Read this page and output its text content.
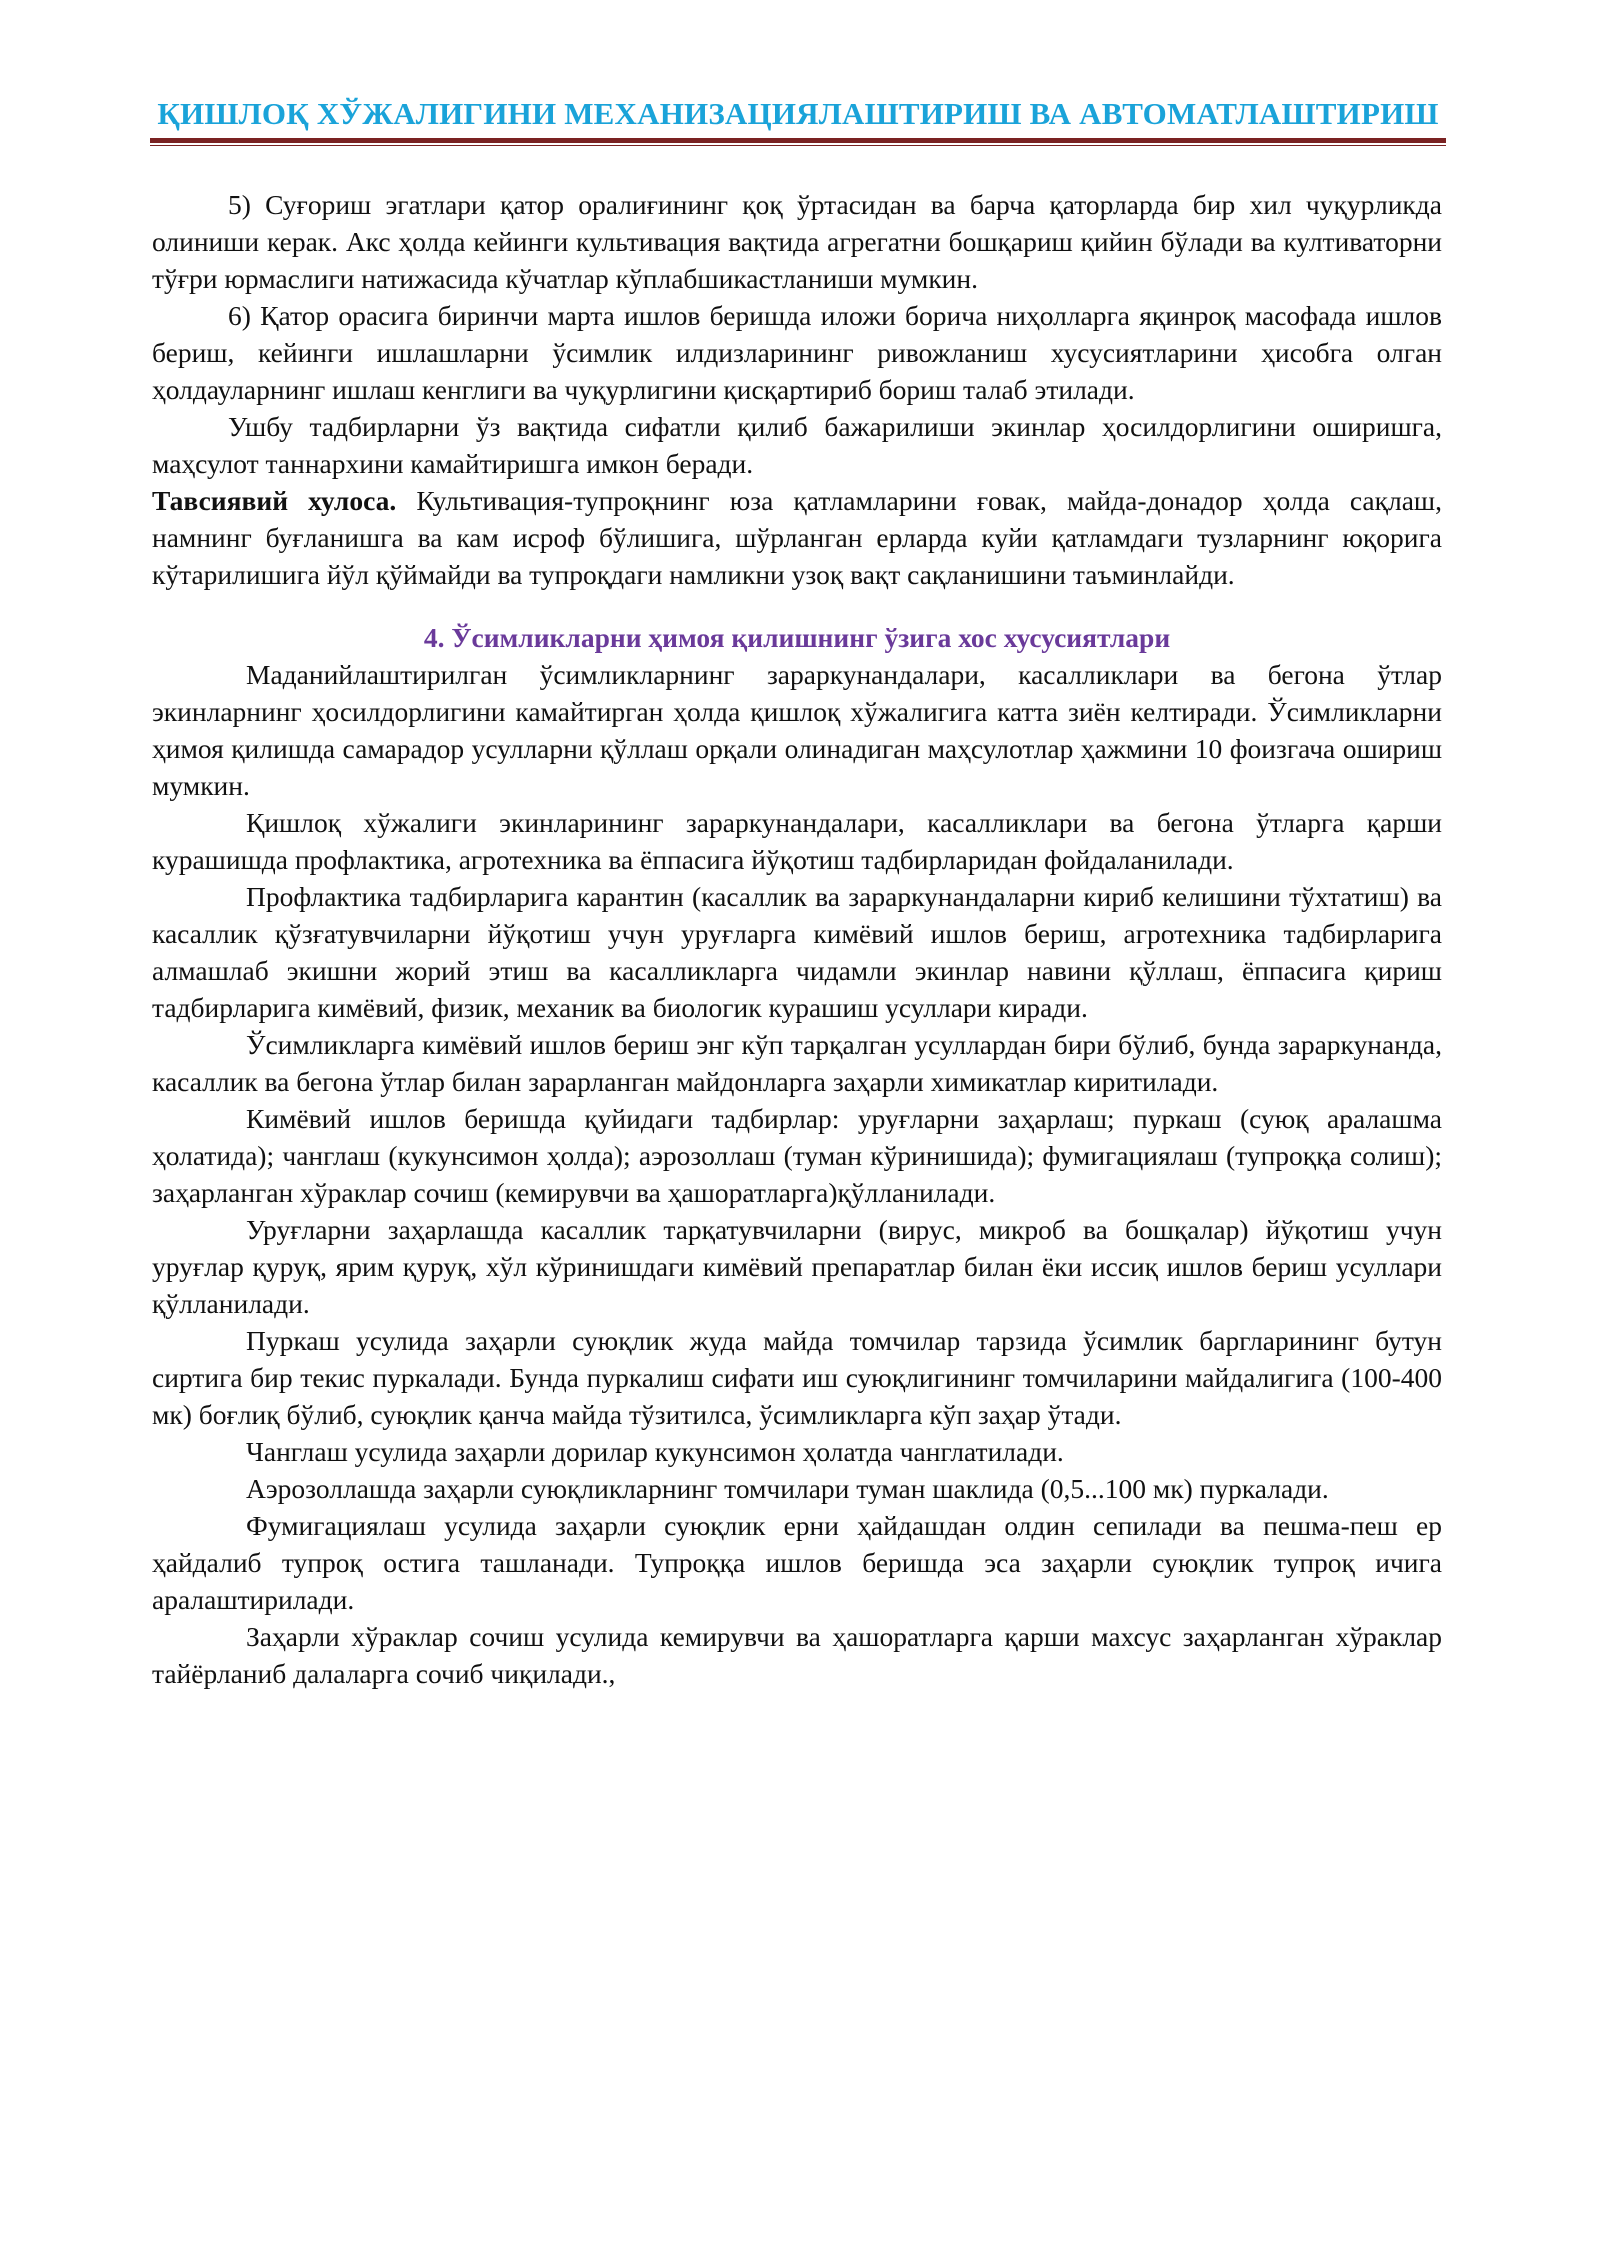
ҚИШЛОҚ ХЎЖАЛИГИНИ МЕХАНИЗАЦИЯЛАШТИРИШ ВА АВТОМАТЛАШТИРИШ

5) Суғориш эгатлари қатор оралиғининг қоқ ўртасидан ва барча қаторларда бир хил чуқурликда олиниши керак. Акс ҳолда кейинги культивация вақтида агрегатни бошқариш қийин бўлади ва култиваторни тўғри юрмаслиги натижасида кўчатлар кўплабшикастланиши мумкин.

6) Қатор орасига биринчи марта ишлов беришда иложи борича ниҳолларга яқинроқ масофада ишлов бериш, кейинги ишлашларни ўсимлик илдизларининг ривожланиш хусусиятларини ҳисобга олган ҳолдауларнинг ишлаш кенглиги ва чуқурлигини қисқартириб бориш талаб этилади.

Ушбу тадбирларни ўз вақтида сифатли қилиб бажарилиши экинлар ҳосилдорлигини оширишга, маҳсулот таннархини камайтиришга имкон беради.

Тавсиявий хулоса. Культивация-тупроқнинг юза қатламларини ғовак, майда-донадор ҳолда сақлаш, намнинг буғланишга ва кам исроф бўлишига, шўрланган ерларда куйи қатламдаги тузларнинг юқорига кўтарилишига йўл қўймайди ва тупроқдаги намликни узоқ вақт сақланишини таъминлайди.

4. Ўсимликларни ҳимоя қилишнинг ўзига хос хусусиятлари

Маданийлаштирилган ўсимликларнинг зараркунандалари, касалликлари ва бегона ўтлар экинларнинг ҳосилдорлигини камайтирган ҳолда қишлоқ хўжалигига катта зиён келтиради. Ўсимликларни ҳимоя қилишда самарадор усулларни қўллаш орқали олинадиган маҳсулотлар ҳажмини 10 фоизгача ошириш мумкин.

Қишлоқ хўжалиги экинларининг зараркунандалари, касалликлари ва бегона ўтларга қарши курашишда профлактика, агротехника ва ёппасига йўқотиш тадбирларидан фойдаланилади.

Профлактика тадбирларига карантин (касаллик ва зараркунандаларни кириб келишини тўхтатиш) ва касаллик қўзғатувчиларни йўқотиш учун уруғларга кимёвий ишлов бериш, агротехника тадбирларига алмашлаб экишни жорий этиш ва касалликларга чидамли экинлар навини қўллаш, ёппасига қириш тадбирларига кимёвий, физик, механик ва биологик курашиш усуллари киради.

Ўсимликларга кимёвий ишлов бериш энг кўп тарқалган усуллардан бири бўлиб, бунда зараркунанда, касаллик ва бегона ўтлар билан зарарланган майдонларга заҳарли химикатлар киритилади.

Кимёвий ишлов беришда қуйидаги тадбирлар: уруғларни заҳарлаш; пуркаш (суюқ аралашма ҳолатида); чанглаш (кукунсимон ҳолда); аэрозоллаш (туман кўринишида); фумигациялаш (тупроққа солиш); заҳарланган хўраклар сочиш (кемирувчи ва ҳашоратларга)қўлланилади.

Уруғларни заҳарлашда касаллик тарқатувчиларни (вирус, микроб ва бошқалар) йўқотиш учун уруғлар қуруқ, ярим қуруқ, хўл кўринишдаги кимёвий препаратлар билан ёки иссиқ ишлов бериш усуллари қўлланилади.

Пуркаш усулида заҳарли суюқлик жуда майда томчилар тарзида ўсимлик баргларининг бутун сиртига бир текис пуркалади. Бунда пуркалиш сифати иш суюқлигининг томчиларини майдалигига (100-400 мк) боғлиқ бўлиб, суюқлик қанча майда тўзитилса, ўсимликларга кўп заҳар ўтади.

Чанглаш усулида заҳарли дорилар кукунсимон ҳолатда чанглатилади.

Аэрозоллашда заҳарли суюқликларнинг томчилари туман шаклида (0,5...100 мк) пуркалади.

Фумигациялаш усулида заҳарли суюқлик ерни ҳайдашдан олдин сепилади ва пешма-пеш ер ҳайдалиб тупроқ остига ташланади. Тупроққа ишлов беришда эса заҳарли суюқлик тупроқ ичига аралаштирилади.

Заҳарли хўраклар сочиш усулида кемирувчи ва ҳашоратларга қарши махсус заҳарланган хўраклар тайёрланиб далаларга сочиб чиқилади.,
